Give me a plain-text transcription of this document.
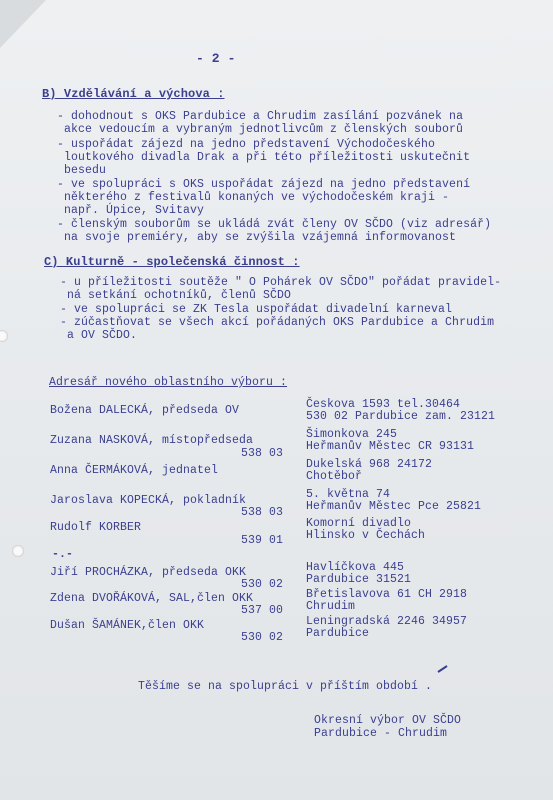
- 2 -
B) Vzdělávání a výchova :
- dohodnout s OKS Pardubice a Chrudim zasílání pozvánek na
akce vedoucím a vybraným jednotlivcům z členských souborů
- uspořádat zájezd na jedno představení Východočeského
loutkového divadla Drak a při této příležitosti uskutečnit
besedu
- ve spolupráci s OKS uspořádat zájezd na jedno představení
některého z festivalů konaných ve východočeském kraji -
např. Úpice, Svitavy
- členským souborům se ukládá zvát členy OV SČDO (viz adresář)
na svoje premiéry, aby se zvýšila vzájemná informovanost
C) Kulturně - společenská činnost :
- u příležitosti soutěže " O Pohárek OV SČDO" pořádat pravidel-
ná setkání ochotníků, členů SČDO
- ve spolupráci se ZK Tesla uspořádat divadelní karneval
- zúčastňovat se všech akcí pořádaných OKS Pardubice a Chrudim
a OV SČDO.
Adresář nového oblastního výboru :
Božena DALECKÁ, předseda OV	Českova 1593 tel.30464
530 02 Pardubice zam. 23121
Zuzana NASKOVÁ, místopředseda
538 03
Šimonkova 245
Heřmanův Městec CR 93131
Anna ČERMÁKOVÁ, jednatel	Dukelská 968 24172
Chotěboř
Jaroslava KOPECKÁ, pokladník
538 03
5. května 74
Heřmanův Městec Pce 25821
Rudolf KORBER
539 01
Komorní divadlo
Hlinsko v Čechách
-.-
Jiří PROCHÁZKA, předseda OKK
530 02
Havlíčkova 445
Pardubice 31521
Zdena DVOŘÁKOVÁ, SAL,člen OKK
537 00
Břetislavova 61 CH 2918
Chrudim
Dušan ŠAMÁNEK,člen OKK
530 02
Leningradská 2246 34957
Pardubice
Těšíme se na spolupráci v příštím období .
Okresní výbor OV SČDO
Pardubice - Chrudim
